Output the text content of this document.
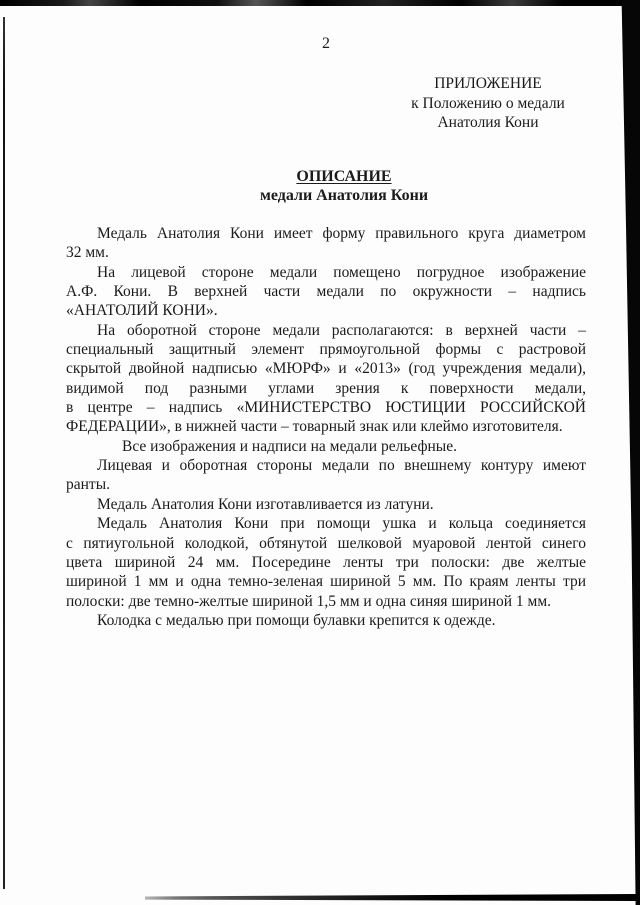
2
ПРИЛОЖЕНИЕ
к Положению о медали
Анатолия Кони
ОПИСАНИЕ
медали Анатолия Кони
Медаль Анатолия Кони имеет форму правильного круга диаметром
32 мм.
На лицевой стороне медали помещено погрудное изображение
А.Ф. Кони. В верхней части медали по окружности – надпись
«АНАТОЛИЙ КОНИ».
На оборотной стороне медали располагаются: в верхней части –
специальный защитный элемент прямоугольной формы с растровой
скрытой двойной надписью «МЮРФ» и «2013» (год учреждения медали),
видимой под разными углами зрения к поверхности медали,
в центре – надпись «МИНИСТЕРСТВО ЮСТИЦИИ РОССИЙСКОЙ
ФЕДЕРАЦИИ», в нижней части – товарный знак или клеймо изготовителя.
Все изображения и надписи на медали рельефные.
Лицевая и оборотная стороны медали по внешнему контуру имеют
ранты.
Медаль Анатолия Кони изготавливается из латуни.
Медаль Анатолия Кони при помощи ушка и кольца соединяется
с пятиугольной колодкой, обтянутой шелковой муаровой лентой синего
цвета шириной 24 мм. Посередине ленты три полоски: две желтые
шириной 1 мм и одна темно-зеленая шириной 5 мм. По краям ленты три
полоски: две темно-желтые шириной 1,5 мм и одна синяя шириной 1 мм.
Колодка с медалью при помощи булавки крепится к одежде.
